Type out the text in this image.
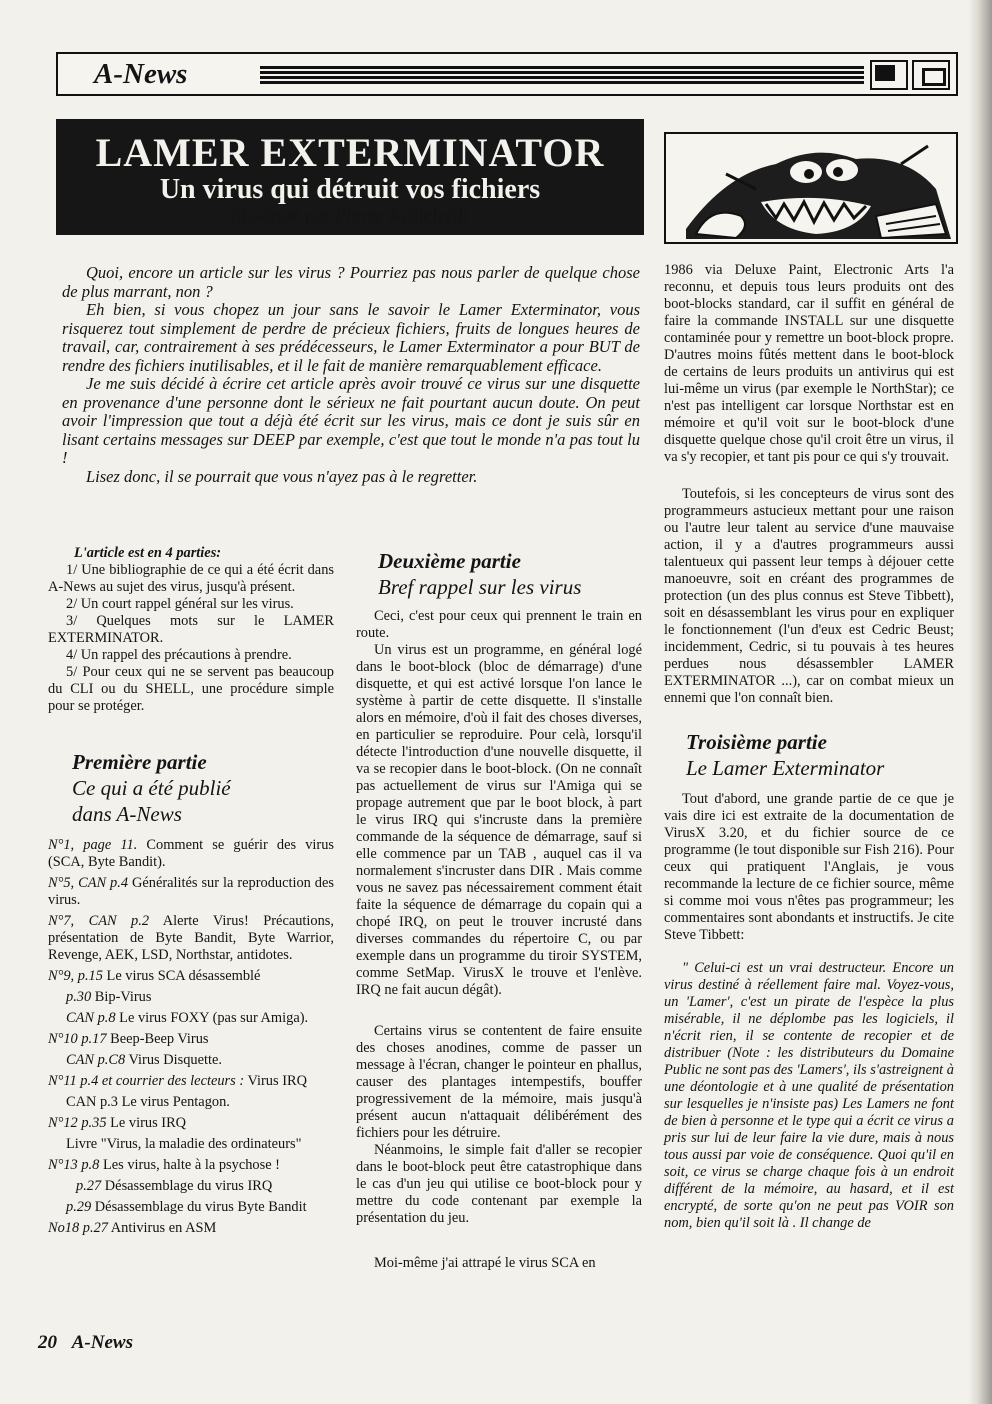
A-News
LAMER EXTERMINATOR
Un virus qui détruit vos fichiers
disséqué par Pierre Ardichvili

Quoi, encore un article sur les virus ? Pourriez pas nous parler de quelque chose de plus marrant, non ?

Eh bien, si vous chopez un jour sans le savoir le Lamer Exterminator, vous risquerez tout simplement de perdre de précieux fichiers, fruits de longues heures de travail, car, contrairement à ses prédécesseurs, le Lamer Exterminator a pour BUT de rendre des fichiers inutilisables, et il le fait de manière remarquablement efficace.

Je me suis décidé à écrire cet article après avoir trouvé ce virus sur une disquette en provenance d'une personne dont le sérieux ne fait pourtant aucun doute. On peut avoir l'impression que tout a déjà été écrit sur les virus, mais ce dont je suis sûr en lisant certains messages sur DEEP par exemple, c'est que tout le monde n'a pas tout lu !

Lisez donc, il se pourrait que vous n'ayez pas à le regretter.

L'article est en 4 parties:

1/ Une bibliographie de ce qui a été écrit dans A-News au sujet des virus, jusqu'à présent.

2/ Un court rappel général sur les virus.

3/ Quelques mots sur le LAMER EXTERMINATOR.

4/ Un rappel des précautions à prendre.

5/ Pour ceux qui ne se servent pas beaucoup du CLI ou du SHELL, une procédure simple pour se protéger.

Première partie
Ce qui a été publié
dans A-News

N°1, page 11. Comment se guérir des virus (SCA, Byte Bandit).

N°5, CAN p.4 Généralités sur la reproduction des virus.

N°7, CAN p.2 Alerte Virus! Précautions, présentation de Byte Bandit, Byte Warrior, Revenge, AEK, LSD, Northstar, antidotes.

N°9, p.15 Le virus SCA désassemblé

p.30 Bip-Virus

CAN p.8 Le virus FOXY (pas sur Amiga).

N°10 p.17 Beep-Beep Virus

CAN p.C8 Virus Disquette.

N°11 p.4 et courrier des lecteurs : Virus IRQ

CAN p.3 Le virus Pentagon.

N°12 p.35 Le virus IRQ

Livre "Virus, la maladie des ordinateurs"

N°13 p.8 Les virus, halte à la psychose !

p.27 Désassemblage du virus IRQ

p.29 Désassemblage du virus Byte Bandit

No18 p.27 Antivirus en ASM

Deuxième partie
Bref rappel sur les virus

Ceci, c'est pour ceux qui prennent le train en route.

Un virus est un programme, en général logé dans le boot-block (bloc de démarrage) d'une disquette, et qui est activé lorsque l'on lance le système à partir de cette disquette. Il s'installe alors en mémoire, d'où il fait des choses diverses, en particulier se reproduire. Pour celà, lorsqu'il détecte l'introduction d'une nouvelle disquette, il va se recopier dans le boot-block. (On ne connaît pas actuellement de virus sur l'Amiga qui se propage autrement que par le boot block, à part le virus IRQ qui s'incruste dans la première commande de la séquence de démarrage, sauf si elle commence par un TAB , auquel cas il va normalement s'incruster dans DIR . Mais comme vous ne savez pas nécessairement comment était faite la séquence de démarrage du copain qui a chopé IRQ, on peut le trouver incrusté dans diverses commandes du répertoire C, ou par exemple dans un programme du tiroir SYSTEM, comme SetMap. VirusX le trouve et l'enlève. IRQ ne fait aucun dégât).

Certains virus se contentent de faire ensuite des choses anodines, comme de passer un message à l'écran, changer le pointeur en phallus, causer des plantages intempestifs, bouffer progressivement de la mémoire, mais jusqu'à présent aucun n'attaquait délibérément des fichiers pour les détruire.

Néanmoins, le simple fait d'aller se recopier dans le boot-block peut être catastrophique dans le cas d'un jeu qui utilise ce boot-block pour y mettre du code contenant par exemple la présentation du jeu.

Moi-même j'ai attrapé le virus SCA en

1986 via Deluxe Paint, Electronic Arts l'a reconnu, et depuis tous leurs produits ont des boot-blocks standard, car il suffit en général de faire la commande INSTALL sur une disquette contaminée pour y remettre un boot-block propre. D'autres moins fûtés mettent dans le boot-block de certains de leurs produits un antivirus qui est lui-même un virus (par exemple le NorthStar); ce n'est pas intelligent car lorsque Northstar est en mémoire et qu'il voit sur le boot-block d'une disquette quelque chose qu'il croit être un virus, il va s'y recopier, et tant pis pour ce qui s'y trouvait.

Toutefois, si les concepteurs de virus sont des programmeurs astucieux mettant pour une raison ou l'autre leur talent au service d'une mauvaise action, il y a d'autres programmeurs aussi talentueux qui passent leur temps à déjouer cette manoeuvre, soit en créant des programmes de protection (un des plus connus est Steve Tibbett), soit en désassemblant les virus pour en expliquer le fonctionnement (l'un d'eux est Cedric Beust; incidemment, Cedric, si tu pouvais à tes heures perdues nous désassembler LAMER EXTERMINATOR ...), car on combat mieux un ennemi que l'on connaît bien.

Troisième partie
Le Lamer Exterminator

Tout d'abord, une grande partie de ce que je vais dire ici est extraite de la documentation de VirusX 3.20, et du fichier source de ce programme (le tout disponible sur Fish 216). Pour ceux qui pratiquent l'Anglais, je vous recommande la lecture de ce fichier source, même si comme moi vous n'êtes pas programmeur; les commentaires sont abondants et instructifs. Je cite Steve Tibbett:

" Celui-ci est un vrai destructeur. Encore un virus destiné à réellement faire mal. Voyez-vous, un 'Lamer', c'est un pirate de l'espèce la plus misérable, il ne déplombe pas les logiciels, il n'écrit rien, il se contente de recopier et de distribuer (Note : les distributeurs du Domaine Public ne sont pas des 'Lamers', ils s'astreignent à une déontologie et à une qualité de présentation sur lesquelles je n'insiste pas) Les Lamers ne font de bien à personne et le type qui a écrit ce virus a pris sur lui de leur faire la vie dure, mais à nous tous aussi par voie de conséquence. Quoi qu'il en soit, ce virus se charge chaque fois à un endroit différent de la mémoire, au hasard, et il est encrypté, de sorte qu'on ne peut pas VOIR son nom, bien qu'il soit là . Il change de

20 A-News
